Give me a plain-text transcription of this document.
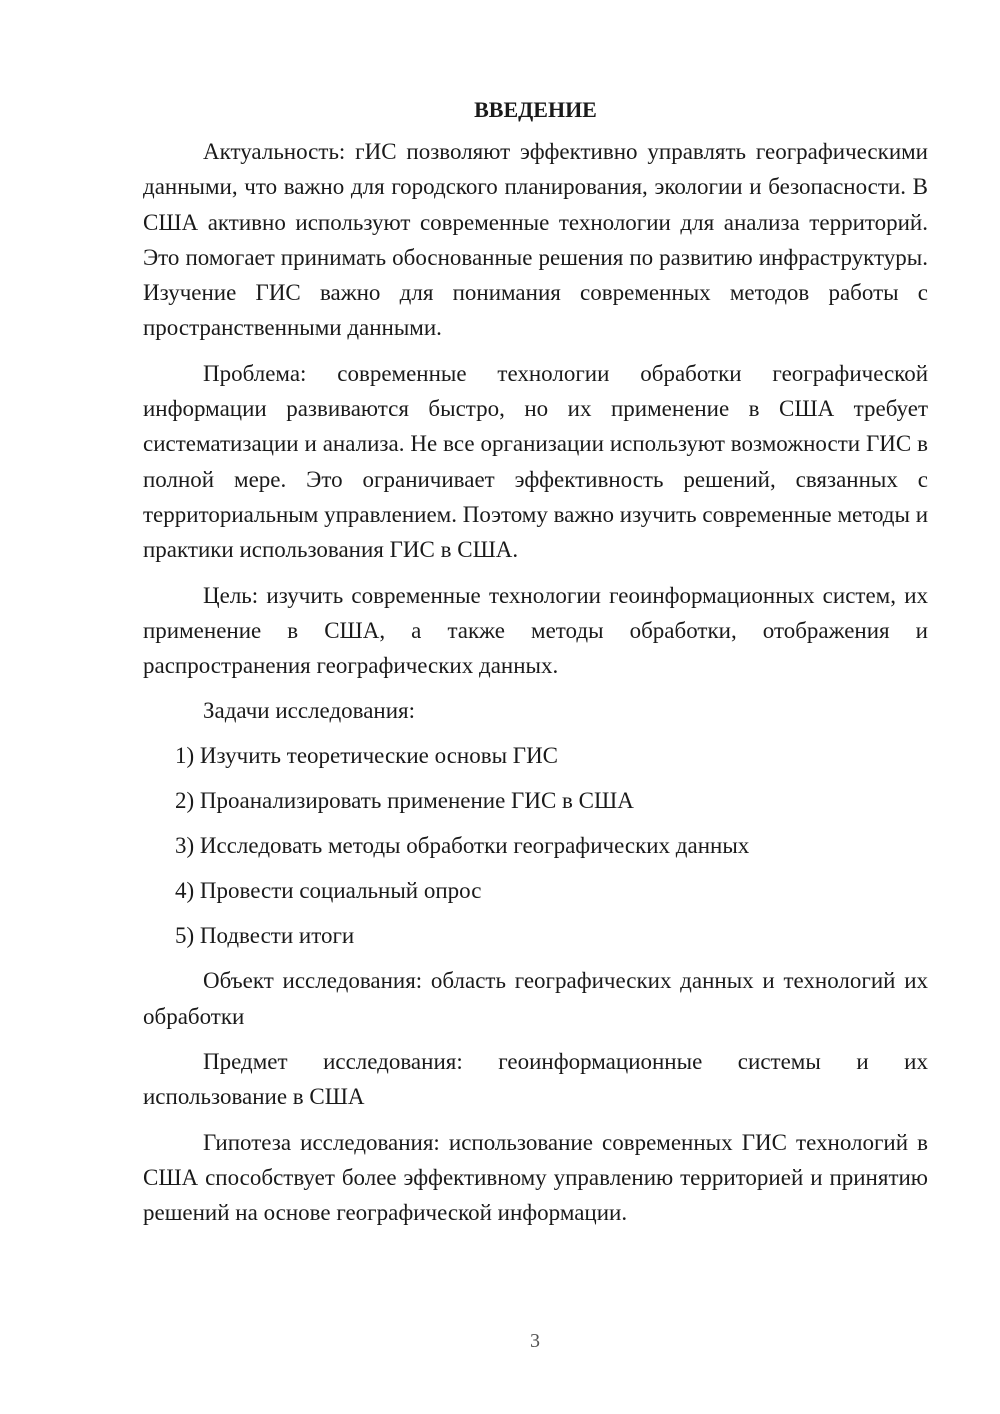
ВВЕДЕНИЕ

Актуальность: гИС позволяют эффективно управлять географическими данными, что важно для городского планирования, экологии и безопасности. В США активно используют современные технологии для анализа территорий. Это помогает принимать обоснованные решения по развитию инфраструктуры. Изучение ГИС важно для понимания современных методов работы с пространственными данными.

Проблема: современные технологии обработки географической информации развиваются быстро, но их применение в США требует систематизации и анализа. Не все организации используют возможности ГИС в полной мере. Это ограничивает эффективность решений, связанных с территориальным управлением. Поэтому важно изучить современные методы и практики использования ГИС в США.

Цель: изучить современные технологии геоинформационных систем, их применение в США, а также методы обработки, отображения и распространения географических данных.

Задачи исследования:

1) Изучить теоретические основы ГИС

2) Проанализировать применение ГИС в США

3) Исследовать методы обработки географических данных

4) Провести социальный опрос

5) Подвести итоги

Объект исследования: область географических данных и технологий их обработки

Предмет исследования: геоинформационные системы и их использование в США

Гипотеза исследования: использование современных ГИС технологий в США способствует более эффективному управлению территорией и принятию решений на основе географической информации.

3
